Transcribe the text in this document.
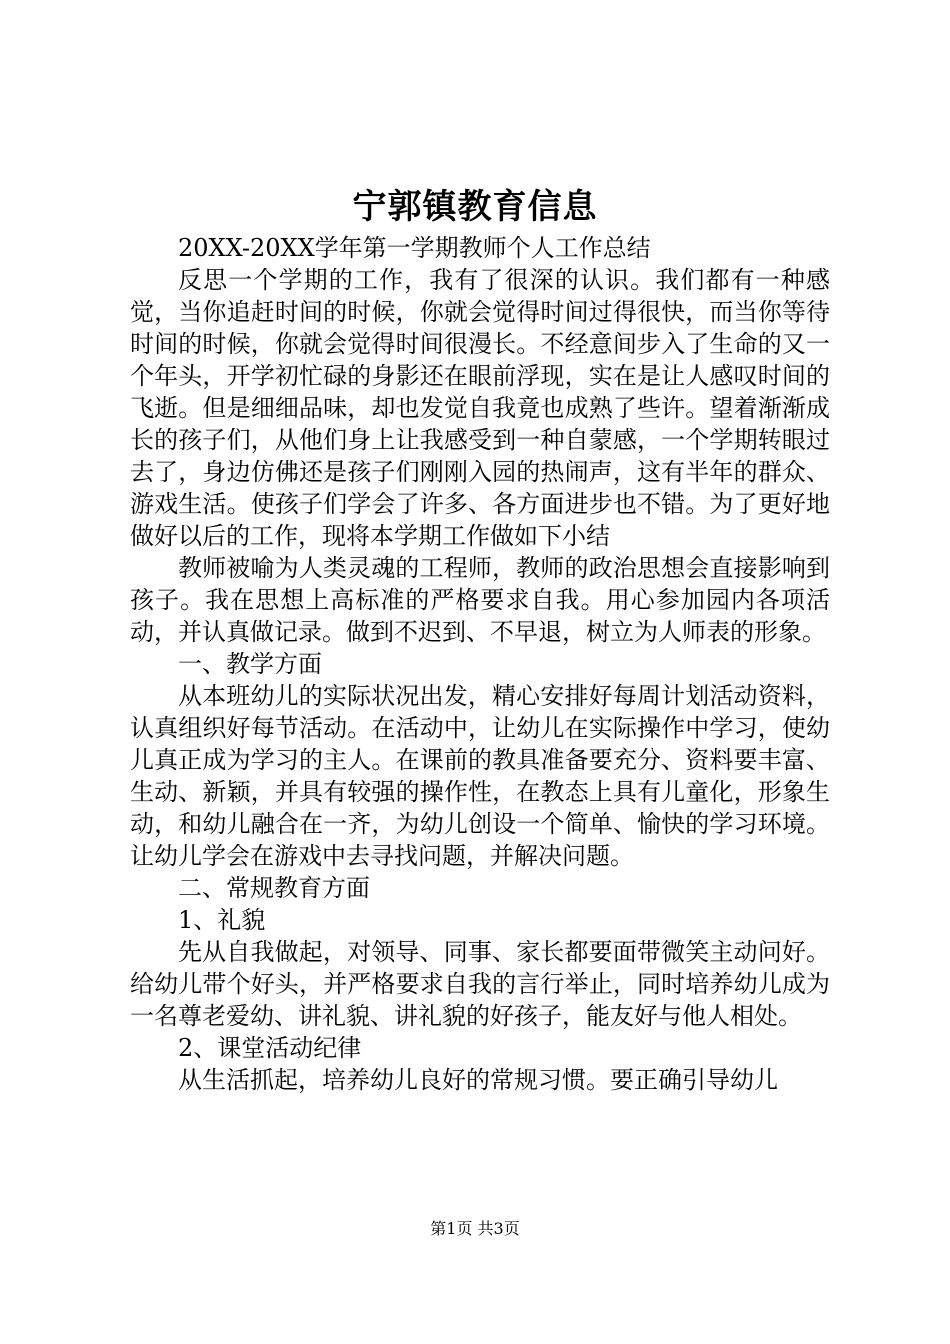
宁郭镇教育信息

20XX-20XX学年第一学期教师个人工作总结

反思一个学期的工作，我有了很深的认识。我们都有一种感觉，当你追赶时间的时候，你就会觉得时间过得很快，而当你等待时间的时候，你就会觉得时间很漫长。不经意间步入了生命的又一个年头，开学初忙碌的身影还在眼前浮现，实在是让人感叹时间的飞逝。但是细细品味，却也发觉自我竟也成熟了些许。望着渐渐成长的孩子们，从他们身上让我感受到一种自蒙感，一个学期转眼过去了，身边仿佛还是孩子们刚刚入园的热闹声，这有半年的群众、游戏生活。使孩子们学会了许多、各方面进步也不错。为了更好地做好以后的工作，现将本学期工作做如下小结

教师被喻为人类灵魂的工程师，教师的政治思想会直接影响到孩子。我在思想上高标准的严格要求自我。用心参加园内各项活动，并认真做记录。做到不迟到、不早退，树立为人师表的形象。

一、教学方面

从本班幼儿的实际状况出发，精心安排好每周计划活动资料，认真组织好每节活动。在活动中，让幼儿在实际操作中学习，使幼儿真正成为学习的主人。在课前的教具准备要充分、资料要丰富、生动、新颖，并具有较强的操作性，在教态上具有儿童化，形象生动，和幼儿融合在一齐，为幼儿创设一个简单、愉快的学习环境。让幼儿学会在游戏中去寻找问题，并解决问题。

二、常规教育方面

1、礼貌

先从自我做起，对领导、同事、家长都要面带微笑主动问好。给幼儿带个好头，并严格要求自我的言行举止，同时培养幼儿成为一名尊老爱幼、讲礼貌、讲礼貌的好孩子，能友好与他人相处。

2、课堂活动纪律

从生活抓起，培养幼儿良好的常规习惯。要正确引导幼儿

第1页 共3页
